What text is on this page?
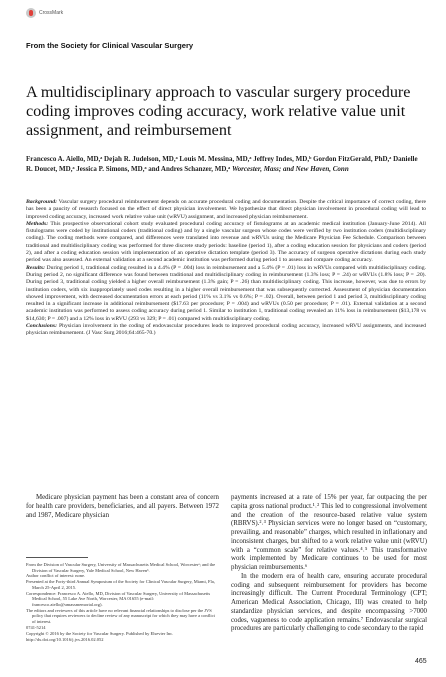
CrossMark
From the Society for Clinical Vascular Surgery
A multidisciplinary approach to vascular surgery procedure coding improves coding accuracy, work relative value unit assignment, and reimbursement
Francesco A. Aiello, MD,ᵃ Dejah R. Judelson, MD,ᵃ Louis M. Messina, MD,ᵃ Jeffrey Indes, MD,ᵇ Gordon FitzGerald, PhD,ᵃ Danielle R. Doucet, MD,ᵃ Jessica P. Simons, MD,ᵃ and Andres Schanzer, MD,ᵃ Worcester, Mass; and New Haven, Conn

Background: Vascular surgery procedural reimbursement depends on accurate procedural coding and documentation. Despite the critical importance of correct coding, there has been a paucity of research focused on the effect of direct physician involvement. We hypothesize that direct physician involvement in procedural coding will lead to improved coding accuracy, increased work relative value unit (wRVU) assignment, and increased physician reimbursement.

Methods: This prospective observational cohort study evaluated procedural coding accuracy of fistulograms at an academic medical institution (January-June 2014). All fistulograms were coded by institutional coders (traditional coding) and by a single vascular surgeon whose codes were verified by two institution coders (multidisciplinary coding). The coding methods were compared, and differences were translated into revenue and wRVUs using the Medicare Physician Fee Schedule. Comparison between traditional and multidisciplinary coding was performed for three discrete study periods: baseline (period 1), after a coding education session for physicians and coders (period 2), and after a coding education session with implementation of an operative dictation template (period 3). The accuracy of surgeon operative dictations during each study period was also assessed. An external validation at a second academic institution was performed during period 1 to assess and compare coding accuracy.

Results: During period 1, traditional coding resulted in a 4.4% (P = .004) loss in reimbursement and a 5.4% (P = .01) loss in wRVUs compared with multidisciplinary coding. During period 2, no significant difference was found between traditional and multidisciplinary coding in reimbursement (1.3% loss; P = .24) or wRVUs (1.8% loss; P = .20). During period 3, traditional coding yielded a higher overall reimbursement (1.3% gain; P = .26) than multidisciplinary coding. This increase, however, was due to errors by institution coders, with six inappropriately used codes resulting in a higher overall reimbursement that was subsequently corrected. Assessment of physician documentation showed improvement, with decreased documentation errors at each period (11% vs 3.1% vs 0.6%; P = .02). Overall, between period 1 and period 3, multidisciplinary coding resulted in a significant increase in additional reimbursement ($17.63 per procedure; P = .004) and wRVUs (0.50 per procedure; P = .01). External validation at a second academic institution was performed to assess coding accuracy during period 1. Similar to institution 1, traditional coding revealed an 11% loss in reimbursement ($13,178 vs $14,630; P = .007) and a 12% loss in wRVU (293 vs 329; P = .01) compared with multidisciplinary coding.

Conclusions: Physician involvement in the coding of endovascular procedures leads to improved procedural coding accuracy, increased wRVU assignments, and increased physician reimbursement. (J Vasc Surg 2016;64:465-70.)

Medicare physician payment has been a constant area of concern for health care providers, beneficiaries, and all payers. Between 1972 and 1987, Medicare physician

From the Division of Vascular Surgery, University of Massachusetts Medical School, Worcesterᵃ; and the Division of Vascular Surgery, Yale Medical School, New Havenᵇ.

Author conflict of interest: none.

Presented at the Forty-third Annual Symposium of the Society for Clinical Vascular Surgery, Miami, Fla, March 25-April 2, 2015.

Correspondence: Francesco A. Aiello, MD, Division of Vascular Surgery, University of Massachusetts Medical School, 55 Lake Ave North, Worcester, MA 01655 (e-mail: francesco.aiello@umassmemorial.org).

The editors and reviewers of this article have no relevant financial relationships to disclose per the JVS policy that requires reviewers to decline review of any manuscript for which they may have a conflict of interest.

0741-5214

Copyright © 2016 by the Society for Vascular Surgery. Published by Elsevier Inc.

http://dx.doi.org/10.1016/j.jvs.2016.02.052

payments increased at a rate of 15% per year, far outpacing the per capita gross national product.¹˒² This led to congressional involvement and the creation of the resource-based relative value system (RBRVS).²˒³ Physician services were no longer based on “customary, prevailing, and reasonable” charges, which resulted in inflationary and inconsistent charges, but shifted to a work relative value unit (wRVU) with a “common scale” for relative values.⁴˒⁵ This transformative work implemented by Medicare continues to be used for most physician reimbursements.⁶

In the modern era of health care, ensuring accurate procedural coding and subsequent reimbursement for providers has become increasingly difficult. The Current Procedural Terminology (CPT; American Medical Association, Chicago, Ill) was created to help standardize physician services, and despite encompassing >7000 codes, vagueness to code application remains.⁷ Endovascular surgical procedures are particularly challenging to code secondary to the rapid

465
